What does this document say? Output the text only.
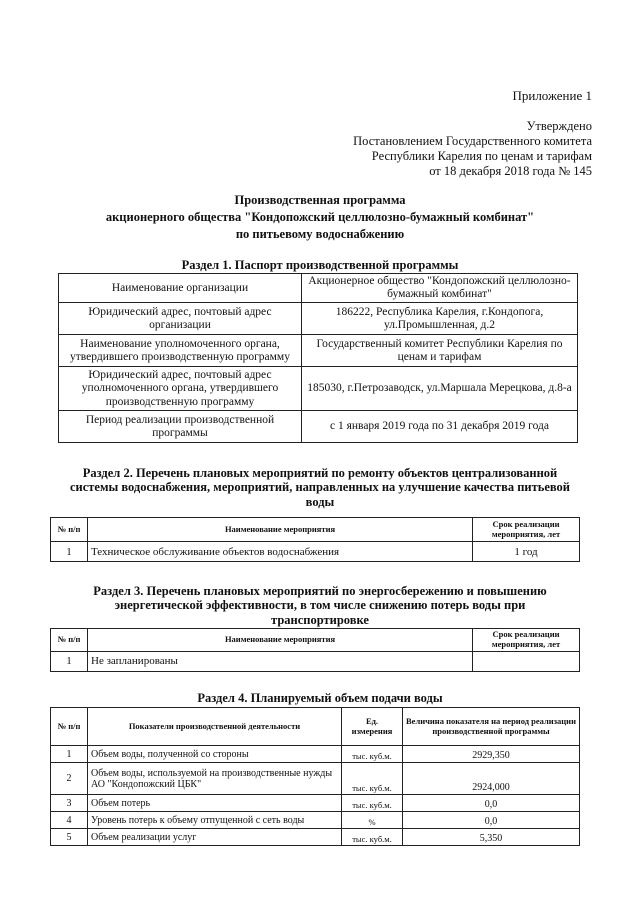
Приложение 1
Утверждено
Постановлением Государственного комитета
Республики Карелия по ценам и тарифам
от 18 декабря 2018 года № 145
Производственная программа
акционерного общества "Кондопожский целлюлозно-бумажный комбинат"
по питьевому водоснабжению
Раздел 1. Паспорт производственной программы
Наименование организации	Акционерное общество "Кондопожский целлюлозно-бумажный комбинат"
Юридический адрес, почтовый адрес организации	186222, Республика Карелия, г.Кондопога, ул.Промышленная, д.2
Наименование уполномоченного органа, утвердившего производственную программу	Государственный комитет Республики Карелия по ценам и тарифам
Юридический адрес, почтовый адрес уполномоченного органа, утвердившего производственную программу	185030, г.Петрозаводск, ул.Маршала Мерецкова, д.8-а
Период реализации производственной программы	с 1 января 2019 года по 31 декабря 2019 года
Раздел 2. Перечень плановых мероприятий по ремонту объектов централизованной
системы водоснабжения, мероприятий, направленных на улучшение качества питьевой
воды
№ п/п	Наименование мероприятия	Срок реализации мероприятия, лет
1	Техническое обслуживание объектов водоснабжения	1 год
Раздел 3. Перечень плановых мероприятий по энергосбережению и повышению
энергетической эффективности, в том числе снижению потерь воды при
транспортировке
№ п/п	Наименование мероприятия	Срок реализации мероприятия, лет
1	Не запланированы	
Раздел 4. Планируемый объем подачи воды
№ п/п	Показатели производственной деятельности	Ед. измерения	Величина показателя на период реализации производственной программы
1	Объем воды, полученной со стороны	тыс. куб.м.	2929,350
2	Объем воды, используемой на производственные нужды АО "Кондопожский ЦБК"	тыс. куб.м.	2924,000
3	Объем потерь	тыс. куб.м.	0,0
4	Уровень потерь к объему отпущенной с сеть воды	%	0,0
5	Объем реализации услуг	тыс. куб.м.	5,350
